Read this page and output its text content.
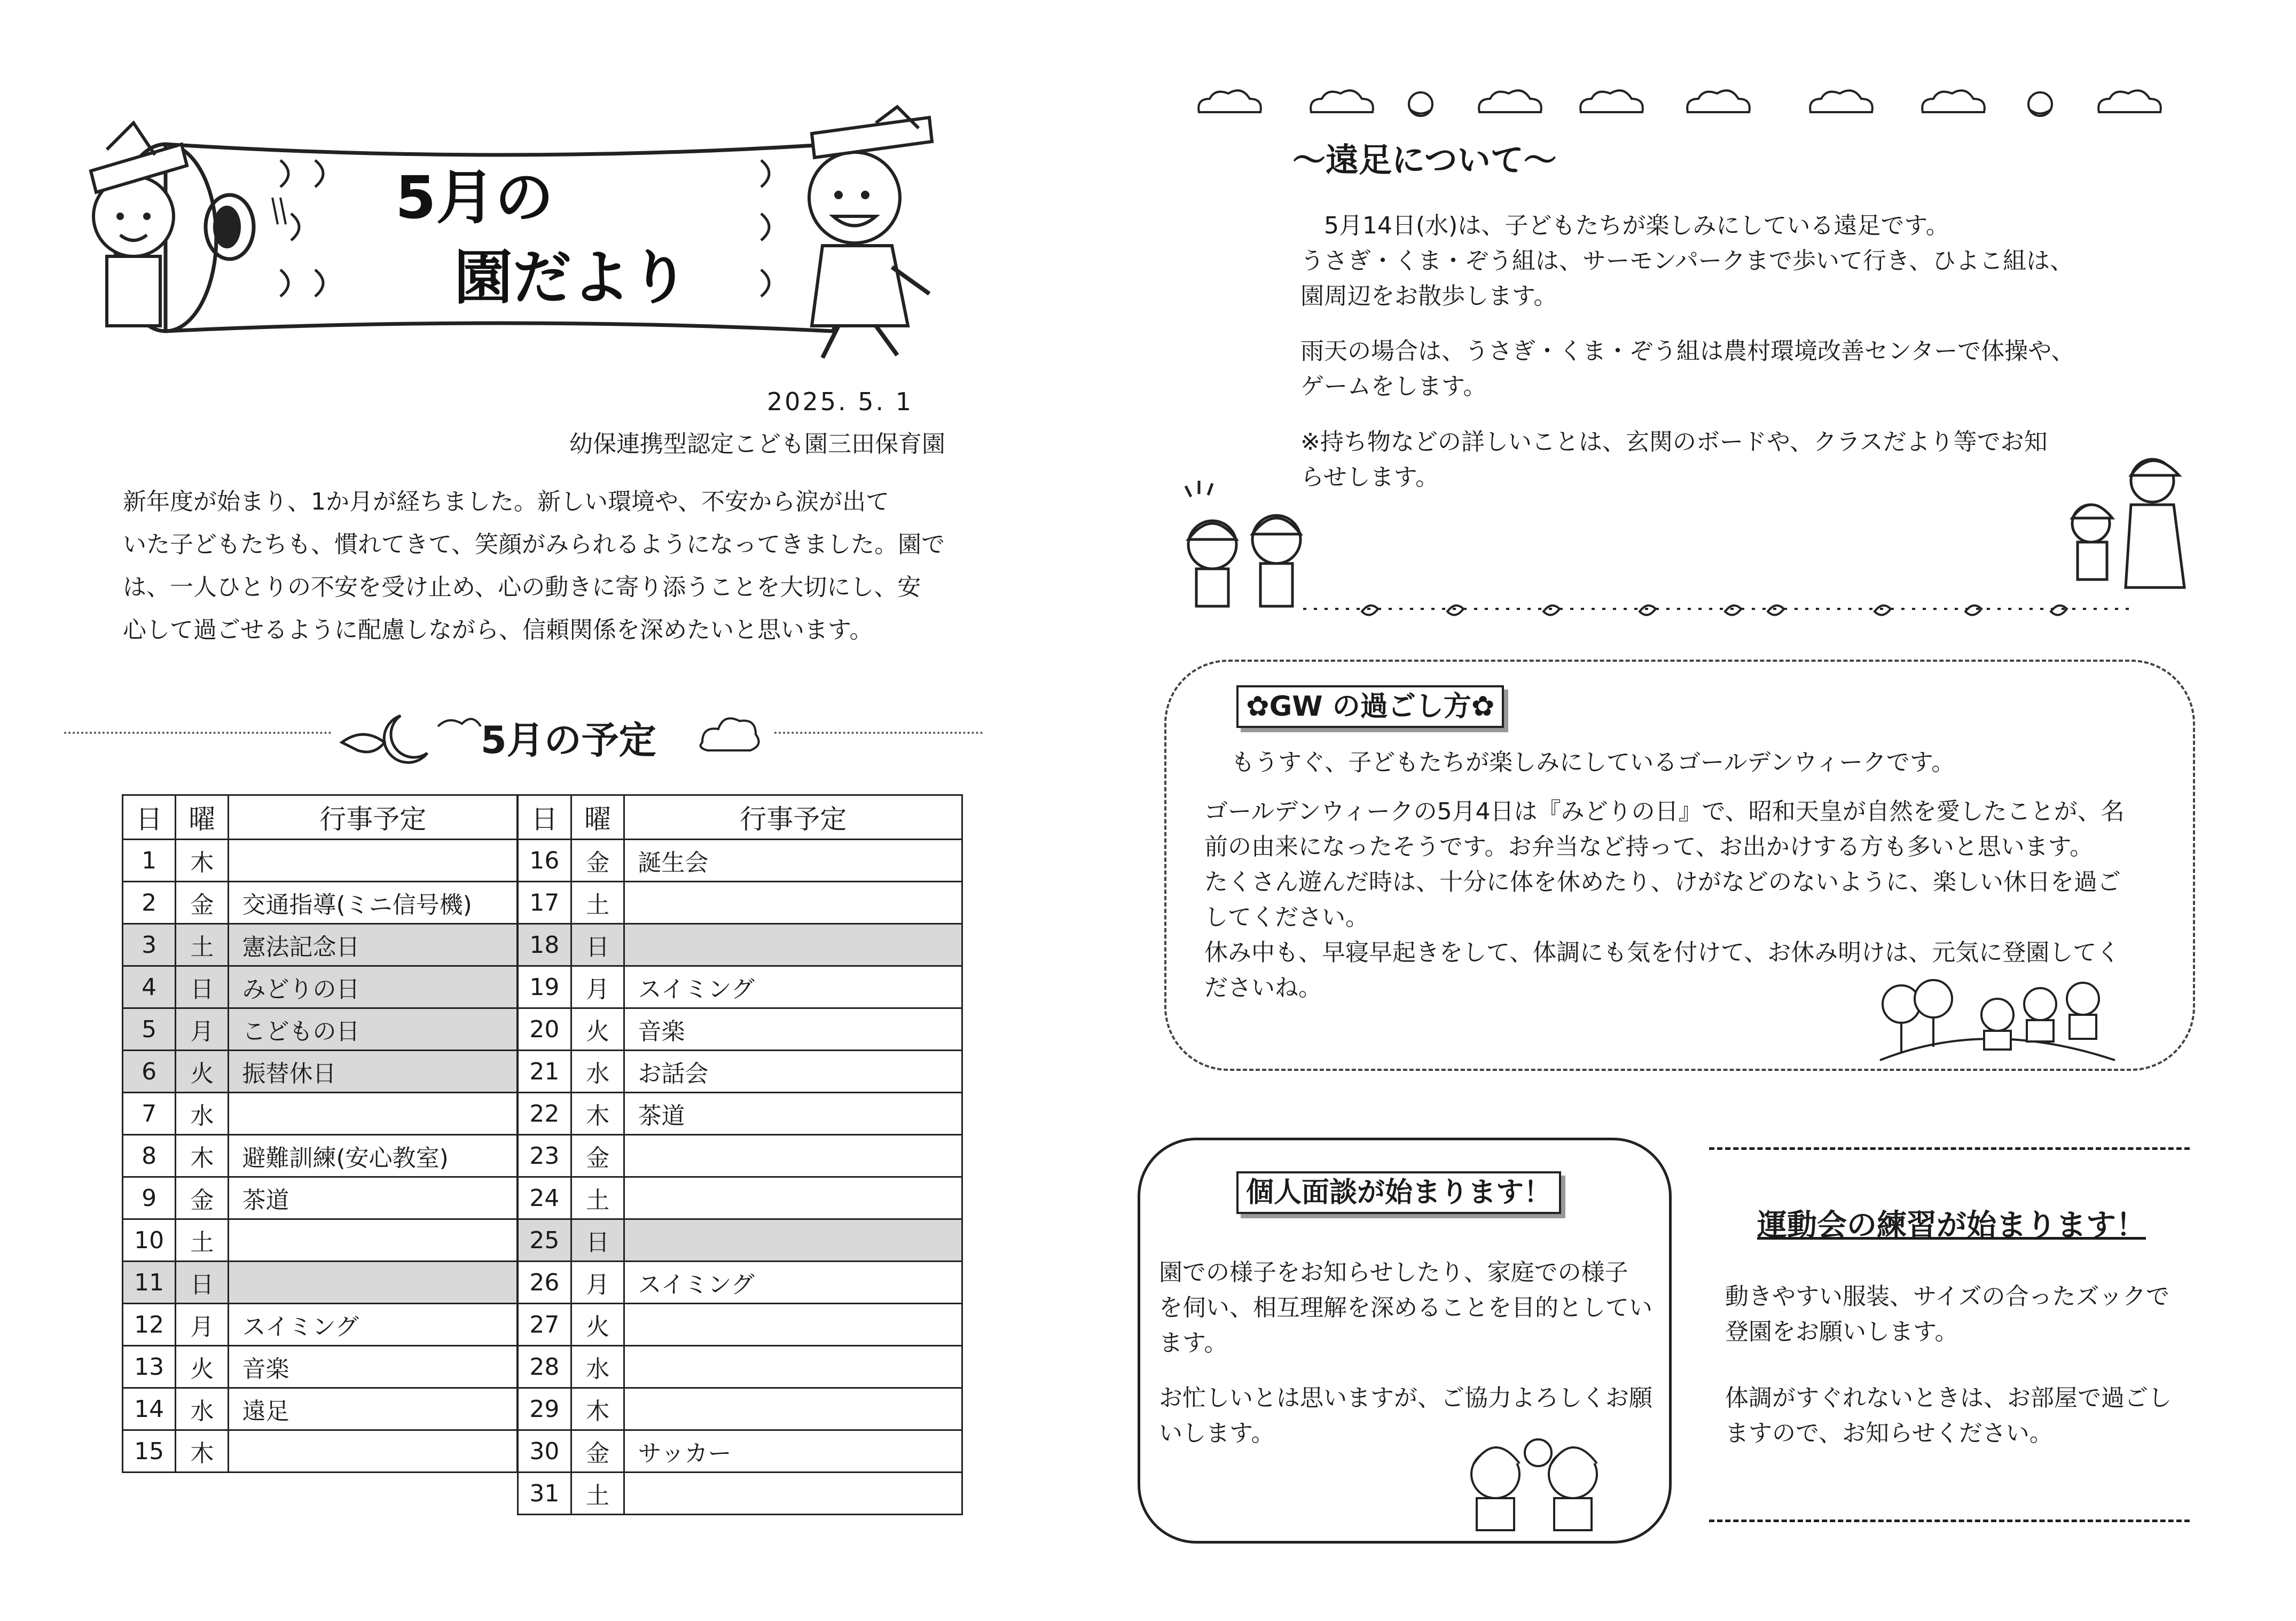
5月の
園だより
2025. 5. 1
幼保連携型認定こども園三田保育園

新年度が始まり、1か月が経ちました。新しい環境や、不安から涙が出て

いた子どもたちも、慣れてきて、笑顔がみられるようになってきました。園で

は、一人ひとりの不安を受け止め、心の動きに寄り添うことを大切にし、安

心して過ごせるように配慮しながら、信頼関係を深めたいと思います。

5月の予定
日	曜	行事予定
1	木	
2	金	交通指導(ミニ信号機)
3	土	憲法記念日
4	日	みどりの日
5	月	こどもの日
6	火	振替休日
7	水	
8	木	避難訓練(安心教室)
9	金	茶道
10	土	
11	日	
12	月	スイミング
13	火	音楽
14	水	遠足
15	木	
日	曜	行事予定
16	金	誕生会
17	土	
18	日	
19	月	スイミング
20	火	音楽
21	水	お話会
22	木	茶道
23	金	
24	土	
25	日	
26	月	スイミング
27	火	
28	水	
29	木	
30	金	サッカー
31	土	
～遠足について～

5月14日(水)は、子どもたちが楽しみにしている遠足です。

うさぎ・くま・ぞう組は、サーモンパークまで歩いて行き、ひよこ組は、

園周辺をお散歩します。

雨天の場合は、うさぎ・くま・ぞう組は農村環境改善センターで体操や、

ゲームをします。

※持ち物などの詳しいことは、玄関のボードや、クラスだより等でお知

らせします。

✿GW の過ごし方✿
もうすぐ、子どもたちが楽しみにしているゴールデンウィークです。
ゴールデンウィークの5月4日は『みどりの日』で、昭和天皇が自然を愛したことが、名
前の由来になったそうです。お弁当など持って、お出かけする方も多いと思います。
たくさん遊んだ時は、十分に体を休めたり、けがなどのないように、楽しい休日を過ご
してください。
休み中も、早寝早起きをして、体調にも気を付けて、お休み明けは、元気に登園してく
ださいね。
個人面談が始まります！
園での様子をお知らせしたり、家庭での様子
を伺い、相互理解を深めることを目的としてい
ます。
お忙しいとは思いますが、ご協力よろしくお願
いします。
運動会の練習が始まります！
動きやすい服装、サイズの合ったズックで
登園をお願いします。
体調がすぐれないときは、お部屋で過ごし
ますので、お知らせください。
